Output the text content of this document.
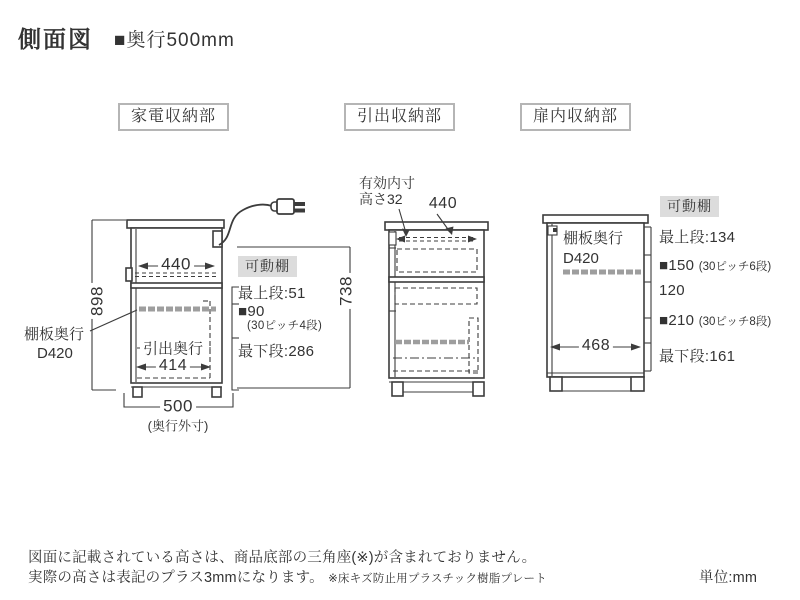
側面図 ■奥行500mm
家電収納部	引出収納部	扉内収納部
898
440
棚板奥行
D420	引出奥行
414
500
(奥行外寸)
738
可動棚
最上段:51
■90
(30ピッチ4段)
最下段:286
有効内寸
高さ32	440
棚板奥行
D420
468
可動棚
最上段:134
■150 (30ピッチ6段)
120
■210 (30ピッチ8段)
最下段:161
図面に記載されている高さは、商品底部の三角座(※)が含まれておりません。
実際の高さは表記のプラス3mmになります。 ※床キズ防止用プラスチック樹脂プレート	単位:mm
